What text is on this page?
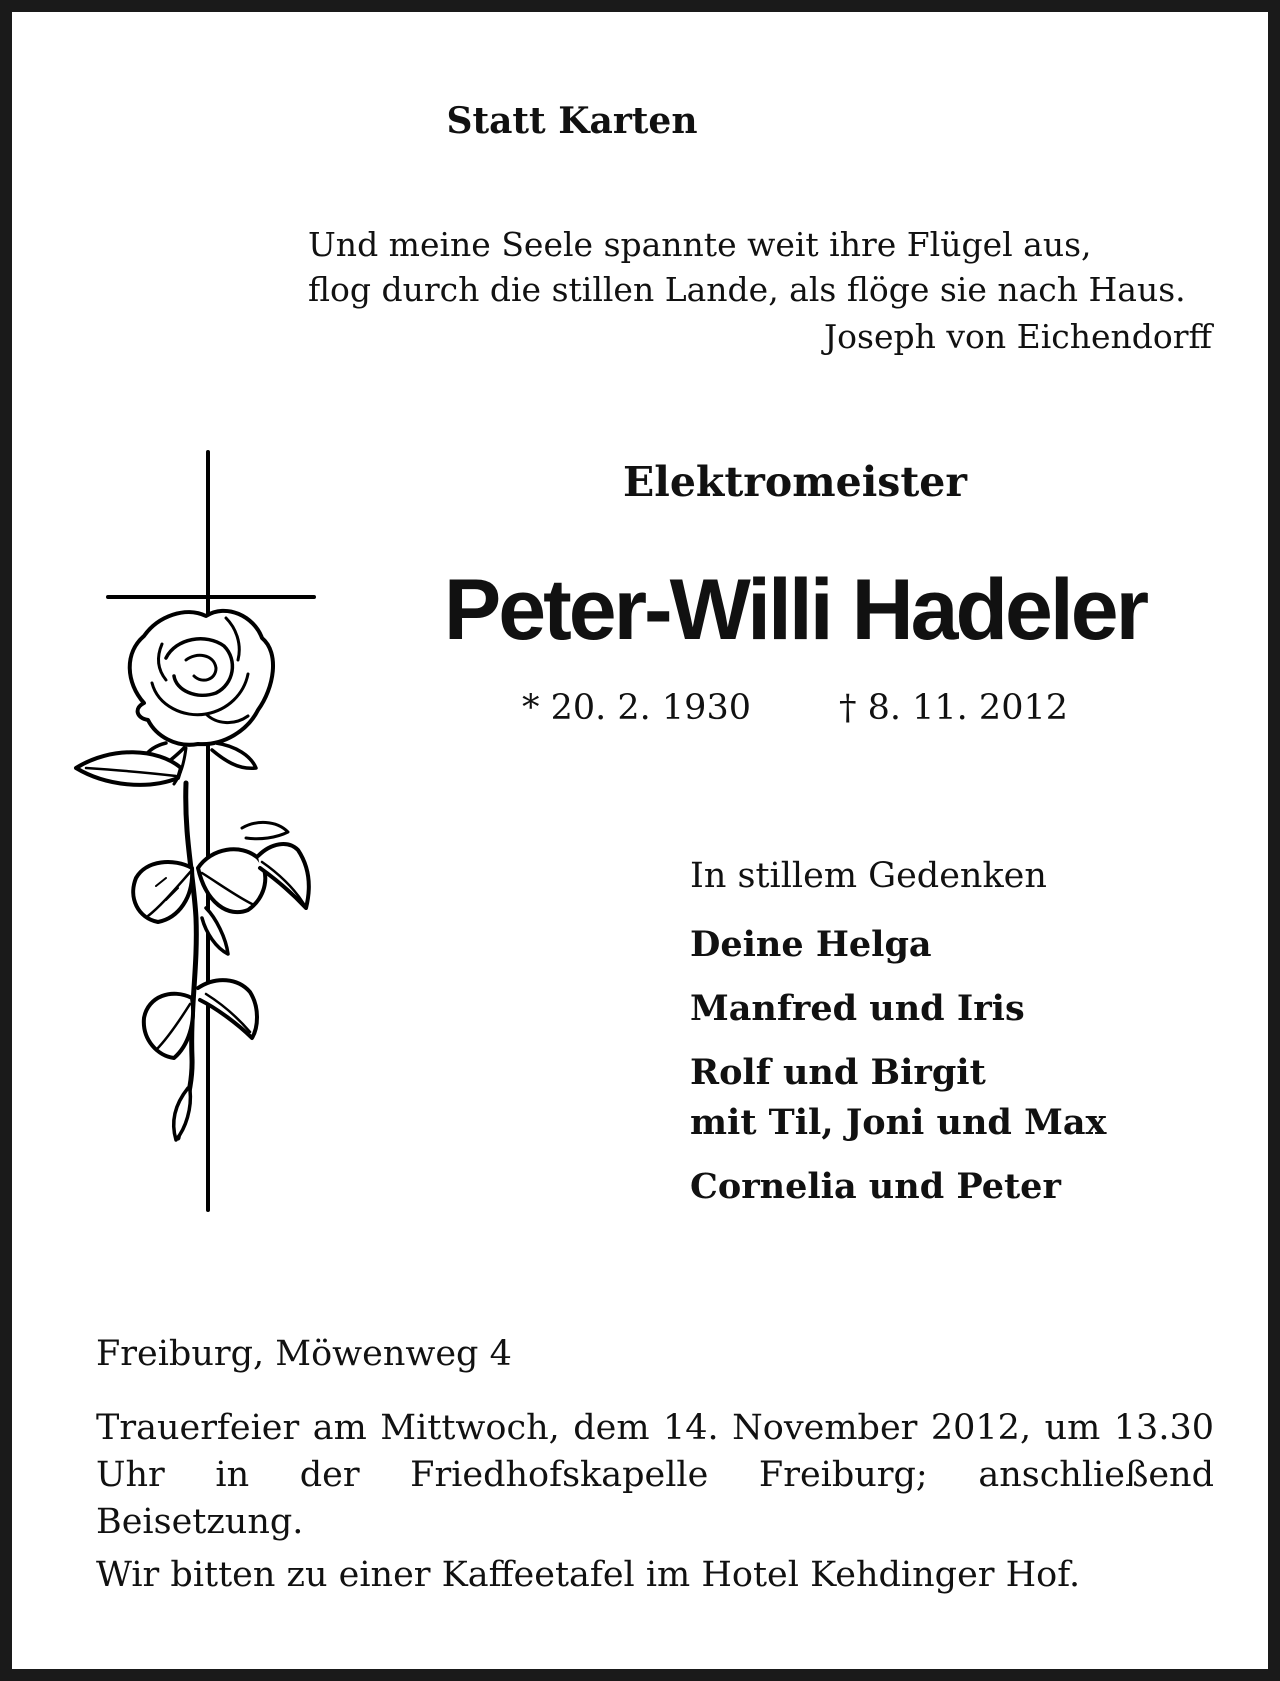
Statt Karten
Und meine Seele spannte weit ihre Flügel aus,
flog durch die stillen Lande, als flöge sie nach Haus.
Joseph von Eichendorff
Elektromeister
Peter-Willi Hadeler
* 20. 2. 1930	† 8. 11. 2012
In stillem Gedenken
Deine Helga
Manfred und Iris
Rolf und Birgit
mit Til, Joni und Max
Cornelia und Peter
Freiburg, Möwenweg 4

Trauerfeier am Mittwoch, dem 14. November 2012, um 13.30 Uhr in der Friedhofskapelle Freiburg; anschließend Beisetzung.

Wir bitten zu einer Kaffeetafel im Hotel Kehdinger Hof.
